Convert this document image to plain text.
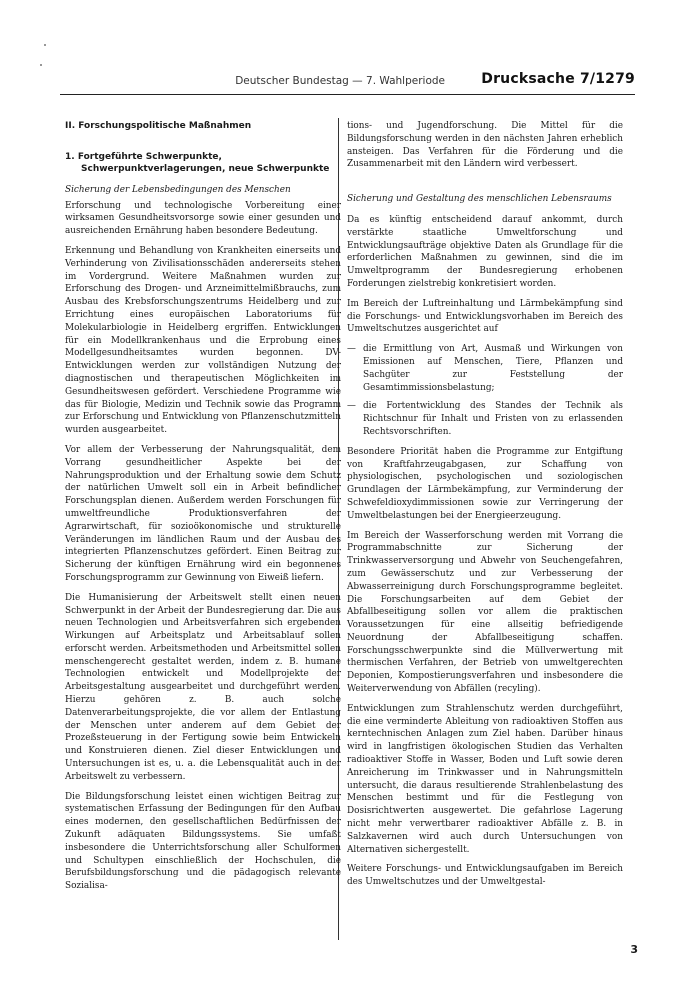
Deutscher Bundestag — 7. Wahlperiode	Drucksache 7/1279
II. Forschungspolitische Maßnahmen
1. Fortgeführte Schwerpunkte, Schwerpunktverlagerungen, neue Schwerpunkte
Sicherung der Lebensbedingungen des Menschen

Erforschung und technologische Vorbereitung einer wirksamen Gesundheitsvorsorge sowie einer gesunden und ausreichenden Ernährung haben besondere Bedeutung.

Erkennung und Behandlung von Krankheiten einerseits und Verhinderung von Zivilisationsschäden andererseits stehen im Vordergrund. Weitere Maßnahmen wurden zur Erforschung des Drogen- und Arzneimittelmißbrauchs, zum Ausbau des Krebsforschungszentrums Heidelberg und zur Errichtung eines europäischen Laboratoriums für Molekularbiologie in Heidelberg ergriffen. Entwicklungen für ein Modellkrankenhaus und die Erprobung eines Modellgesundheitsamtes wurden begonnen. DV-Entwicklungen werden zur vollständigen Nutzung der diagnostischen und therapeutischen Möglichkeiten im Gesundheitswesen gefördert. Verschiedene Programme wie das für Biologie, Medizin und Technik sowie das Programm zur Erforschung und Entwicklung von Pflanzenschutzmitteln wurden ausgearbeitet.

Vor allem der Verbesserung der Nahrungsqualität, dem Vorrang gesundheitlicher Aspekte bei der Nahrungsproduktion und der Erhaltung sowie dem Schutz der natürlichen Umwelt soll ein in Arbeit befindlicher Forschungsplan dienen. Außerdem werden Forschungen für umweltfreundliche Produktionsverfahren der Agrarwirtschaft, für sozioökonomische und strukturelle Veränderungen im ländlichen Raum und der Ausbau des integrierten Pflanzenschutzes gefördert. Einen Beitrag zur Sicherung der künftigen Ernährung wird ein begonnenes Forschungsprogramm zur Gewinnung von Eiweiß liefern.

Die Humanisierung der Arbeitswelt stellt einen neuen Schwerpunkt in der Arbeit der Bundesregierung dar. Die aus neuen Technologien und Arbeitsverfahren sich ergebenden Wirkungen auf Arbeitsplatz und Arbeitsablauf sollen erforscht werden. Arbeitsmethoden und Arbeitsmittel sollen menschengerecht gestaltet werden, indem z. B. humane Technologien entwickelt und Modellprojekte der Arbeitsgestaltung ausgearbeitet und durchgeführt werden. Hierzu gehören z. B. auch solche Datenverarbeitungsprojekte, die vor allem der Entlastung der Menschen unter anderem auf dem Gebiet der Prozeßsteuerung in der Fertigung sowie beim Entwickeln und Konstruieren dienen. Ziel dieser Entwicklungen und Untersuchungen ist es, u. a. die Lebensqualität auch in der Arbeitswelt zu verbessern.

Die Bildungsforschung leistet einen wichtigen Beitrag zur systematischen Erfassung der Bedingungen für den Aufbau eines modernen, den gesellschaftlichen Bedürfnissen der Zukunft adäquaten Bildungssystems. Sie umfaßt insbesondere die Unterrichtsforschung aller Schulformen und Schultypen einschließlich der Hochschulen, die Berufsbildungsforschung und die pädagogisch relevante Sozialisa-

tions- und Jugendforschung. Die Mittel für die Bildungsforschung werden in den nächsten Jahren erheblich ansteigen. Das Verfahren für die Förderung und die Zusammenarbeit mit den Ländern wird verbessert.

Sicherung und Gestaltung des menschlichen Lebensraums

Da es künftig entscheidend darauf ankommt, durch verstärkte staatliche Umweltforschung und Entwicklungsaufträge objektive Daten als Grundlage für die erforderlichen Maßnahmen zu gewinnen, sind die im Umweltprogramm der Bundesregierung erhobenen Forderungen zielstrebig konkretisiert worden.

Im Bereich der Luftreinhaltung und Lärmbekämpfung sind die Forschungs- und Entwicklungsvorhaben im Bereich des Umweltschutzes ausgerichtet auf

— die Ermittlung von Art, Ausmaß und Wirkungen von Emissionen auf Menschen, Tiere, Pflanzen und Sachgüter zur Feststellung der Gesamtimmissionsbelastung;
— die Fortentwicklung des Standes der Technik als Richtschnur für Inhalt und Fristen von zu erlassenden Rechtsvorschriften.

Besondere Priorität haben die Programme zur Entgiftung von Kraftfahrzeugabgasen, zur Schaffung von physiologischen, psychologischen und soziologischen Grundlagen der Lärmbekämpfung, zur Verminderung der Schwefeldioxydimmissionen sowie zur Verringerung der Umweltbelastungen bei der Energieerzeugung.

Im Bereich der Wasserforschung werden mit Vorrang die Programmabschnitte zur Sicherung der Trinkwasserversorgung und Abwehr von Seuchengefahren, zum Gewässerschutz und zur Verbesserung der Abwasserreinigung durch Forschungsprogramme begleitet. Die Forschungsarbeiten auf dem Gebiet der Abfallbeseitigung sollen vor allem die praktischen Voraussetzungen für eine allseitig befriedigende Neuordnung der Abfallbeseitigung schaffen. Forschungsschwerpunkte sind die Müllverwertung mit thermischen Verfahren, der Betrieb von umweltgerechten Deponien, Kompostierungsverfahren und insbesondere die Weiterverwendung von Abfällen (recyling).

Entwicklungen zum Strahlenschutz werden durchgeführt, die eine verminderte Ableitung von radioaktiven Stoffen aus kerntechnischen Anlagen zum Ziel haben. Darüber hinaus wird in langfristigen ökologischen Studien das Verhalten radioaktiver Stoffe in Wasser, Boden und Luft sowie deren Anreicherung im Trinkwasser und in Nahrungsmitteln untersucht, die daraus resultierende Strahlenbelastung des Menschen bestimmt und für die Festlegung von Dosisrichtwerten ausgewertet. Die gefahrlose Lagerung nicht mehr verwertbarer radioaktiver Abfälle z. B. in Salzkavernen wird auch durch Untersuchungen von Alternativen sichergestellt.

Weitere Forschungs- und Entwicklungsaufgaben im Bereich des Umweltschutzes und der Umweltgestal-

3
